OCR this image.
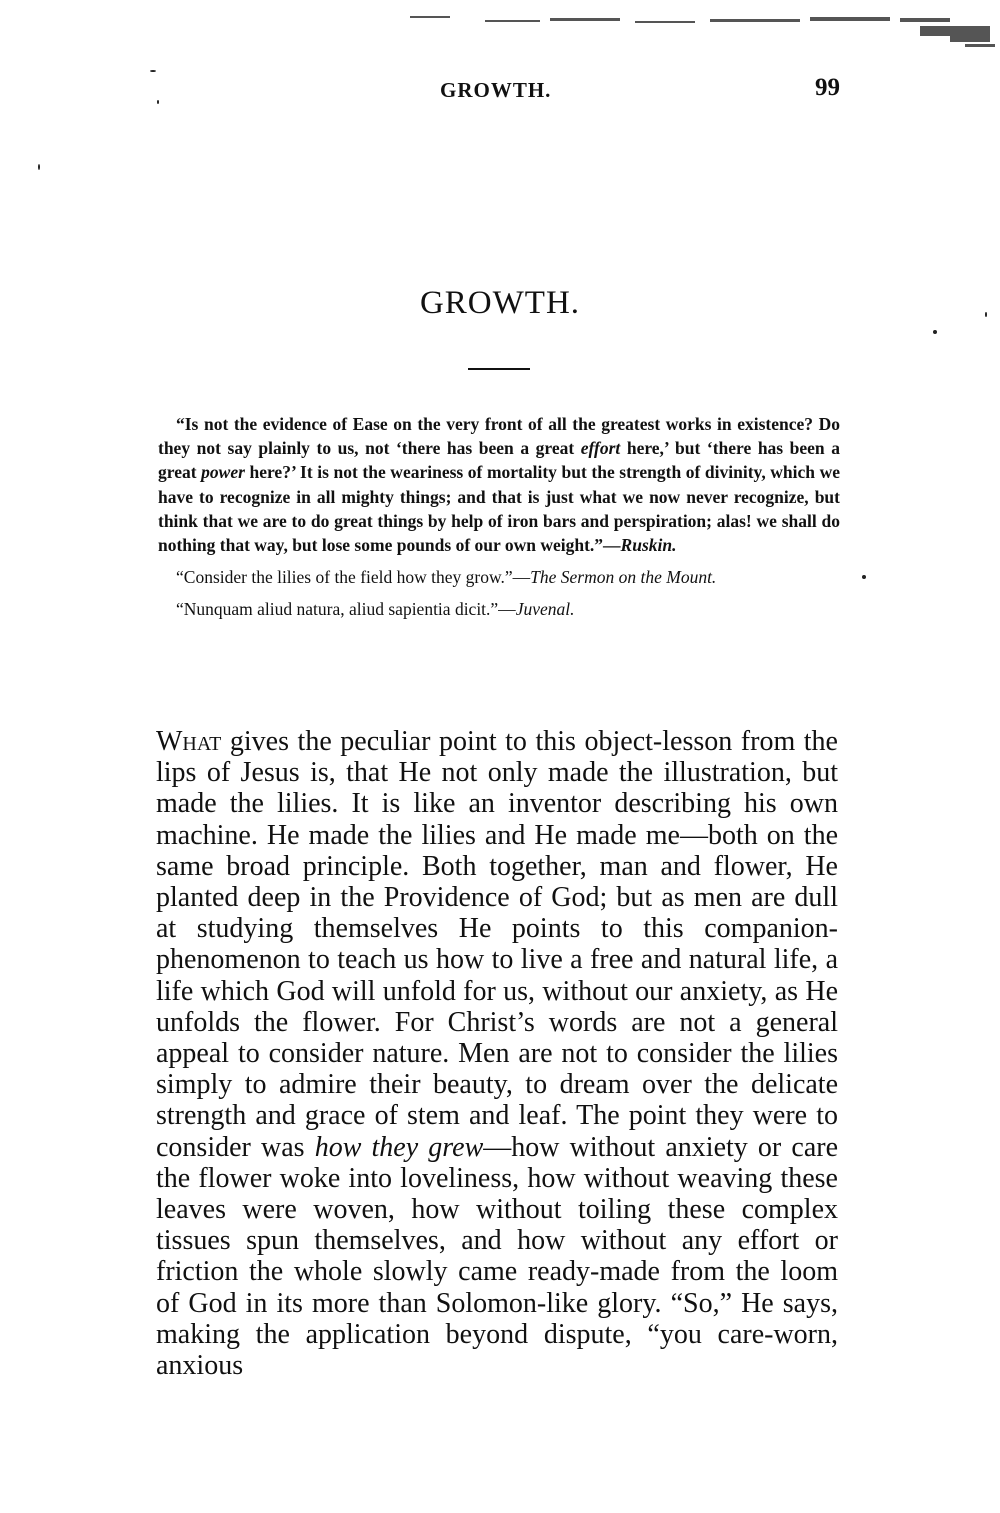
GROWTH.	99
GROWTH.

“Is not the evidence of Ease on the very front of all the greatest works in existence? Do they not say plainly to us, not ‘there has been a great effort here,’ but ‘there has been a great power here?’ It is not the weariness of mortality but the strength of divinity, which we have to recognize in all mighty things; and that is just what we now never recognize, but think that we are to do great things by help of iron bars and perspiration; alas! we shall do nothing that way, but lose some pounds of our own weight.”—Ruskin.

“Consider the lilies of the field how they grow.”—The Sermon on the Mount.

“Nunquam aliud natura, aliud sapientia dicit.”—Juvenal.

What gives the peculiar point to this object-lesson from the lips of Jesus is, that He not only made the illustration, but made the lilies. It is like an inventor describing his own machine. He made the lilies and He made me—both on the same broad principle. Both together, man and flower, He planted deep in the Providence of God; but as men are dull at studying themselves He points to this companion-phenomenon to teach us how to live a free and natural life, a life which God will unfold for us, without our anxiety, as He unfolds the flower. For Christ’s words are not a general appeal to consider nature. Men are not to consider the lilies simply to admire their beauty, to dream over the delicate strength and grace of stem and leaf. The point they were to consider was how they grew—how without anxiety or care the flower woke into loveliness, how without weaving these leaves were woven, how without toiling these complex tissues spun themselves, and how without any effort or friction the whole slowly came ready-made from the loom of God in its more than Solomon-like glory. “So,” He says, making the application beyond dispute, “you care-worn, anxious
